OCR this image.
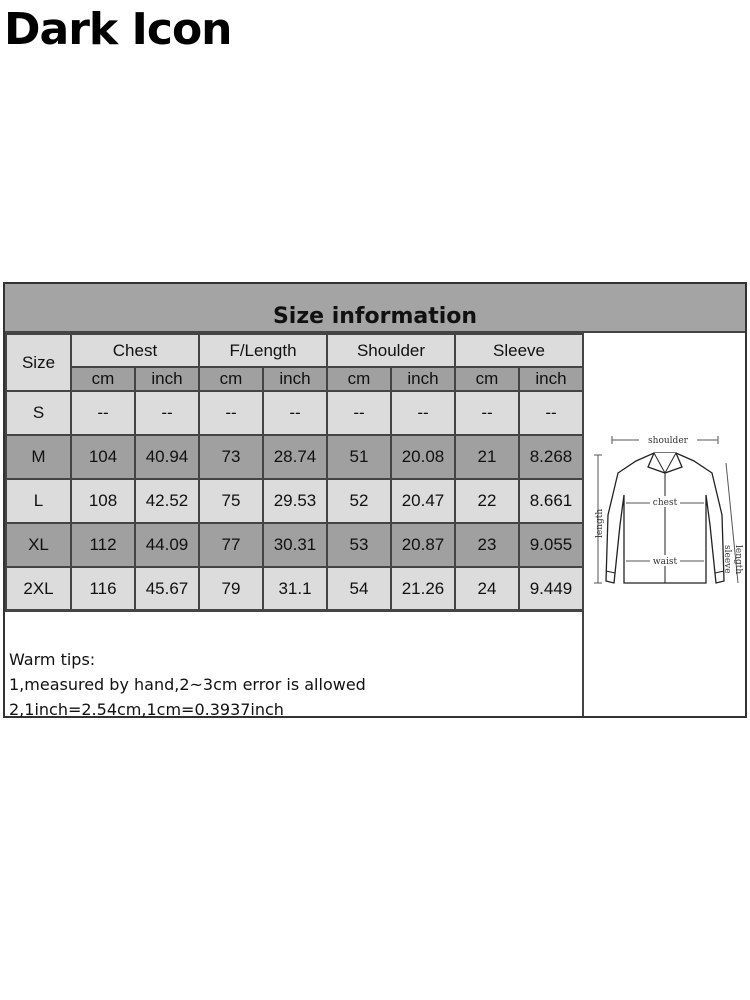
Dark Icon
Size information
Size	Chest		F/Length		Shoulder		Sleeve	
	cm	inch	cm	inch	cm	inch	cm	inch
S	--	--	--	--	--	--	--	--
M	104	40.94	73	28.74	51	20.08	21	8.268
L	108	42.52	75	29.53	52	20.47	22	8.661
XL	112	44.09	77	30.31	53	20.87	23	9.055
2XL	116	45.67	79	31.1	54	21.26	24	9.449
Warm tips:
1,measured by hand,2~3cm error is allowed
2,1inch=2.54cm,1cm=0.3937inch
shoulder
chest
waist
length
sleeve length
